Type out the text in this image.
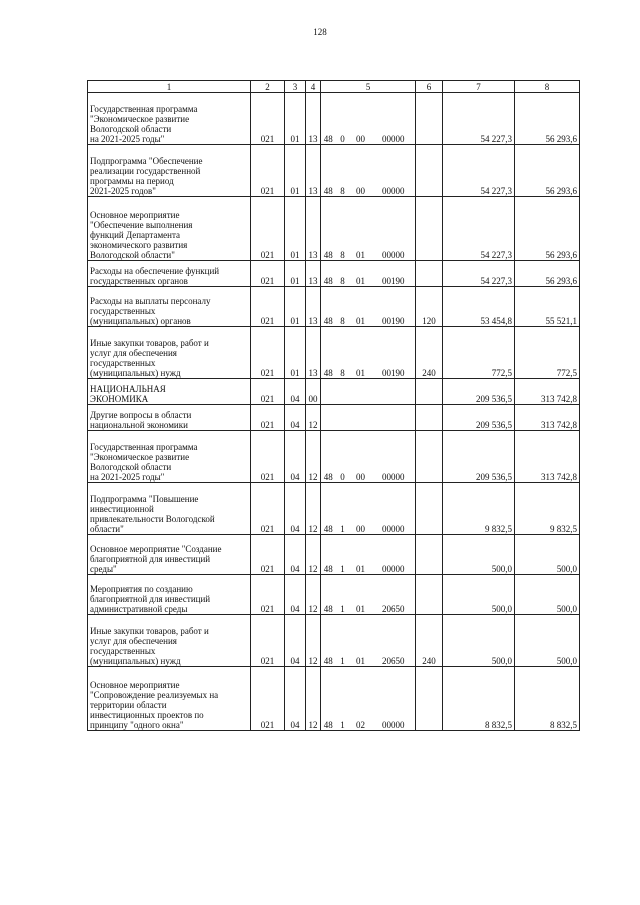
128
1	2	3	4	5				6	7	8
Государственная программа
"Экономическое развитие
Вологодской области
на 2021-2025 годы"	021	01	13	48	0	00	00000		54 227,3	56 293,6
Подпрограмма "Обеспечение
реализации государственной
программы на период
2021-2025 годов"	021	01	13	48	8	00	00000		54 227,3	56 293,6
Основное мероприятие
"Обеспечение выполнения
функций Департамента
экономического развития
Вологодской области"	021	01	13	48	8	01	00000		54 227,3	56 293,6
Расходы на обеспечение функций
государственных органов	021	01	13	48	8	01	00190		54 227,3	56 293,6
Расходы на выплаты персоналу
государственных
(муниципальных) органов	021	01	13	48	8	01	00190	120	53 454,8	55 521,1
Иные закупки товаров, работ и
услуг для обеспечения
государственных
(муниципальных) нужд	021	01	13	48	8	01	00190	240	772,5	772,5
НАЦИОНАЛЬНАЯ
ЭКОНОМИКА	021	04	00						209 536,5	313 742,8
Другие вопросы в области
национальной экономики	021	04	12						209 536,5	313 742,8
Государственная программа
"Экономическое развитие
Вологодской области
на 2021-2025 годы"	021	04	12	48	0	00	00000		209 536,5	313 742,8
Подпрограмма "Повышение
инвестиционной
привлекательности Вологодской
области"	021	04	12	48	1	00	00000		9 832,5	9 832,5
Основное мероприятие "Создание
благоприятной для инвестиций
среды"	021	04	12	48	1	01	00000		500,0	500,0
Мероприятия по созданию
благоприятной для инвестиций
административной среды	021	04	12	48	1	01	20650		500,0	500,0
Иные закупки товаров, работ и
услуг для обеспечения
государственных
(муниципальных) нужд	021	04	12	48	1	01	20650	240	500,0	500,0
Основное мероприятие
"Сопровождение реализуемых на
территории области
инвестиционных проектов по
принципу "одного окна"	021	04	12	48	1	02	00000		8 832,5	8 832,5
